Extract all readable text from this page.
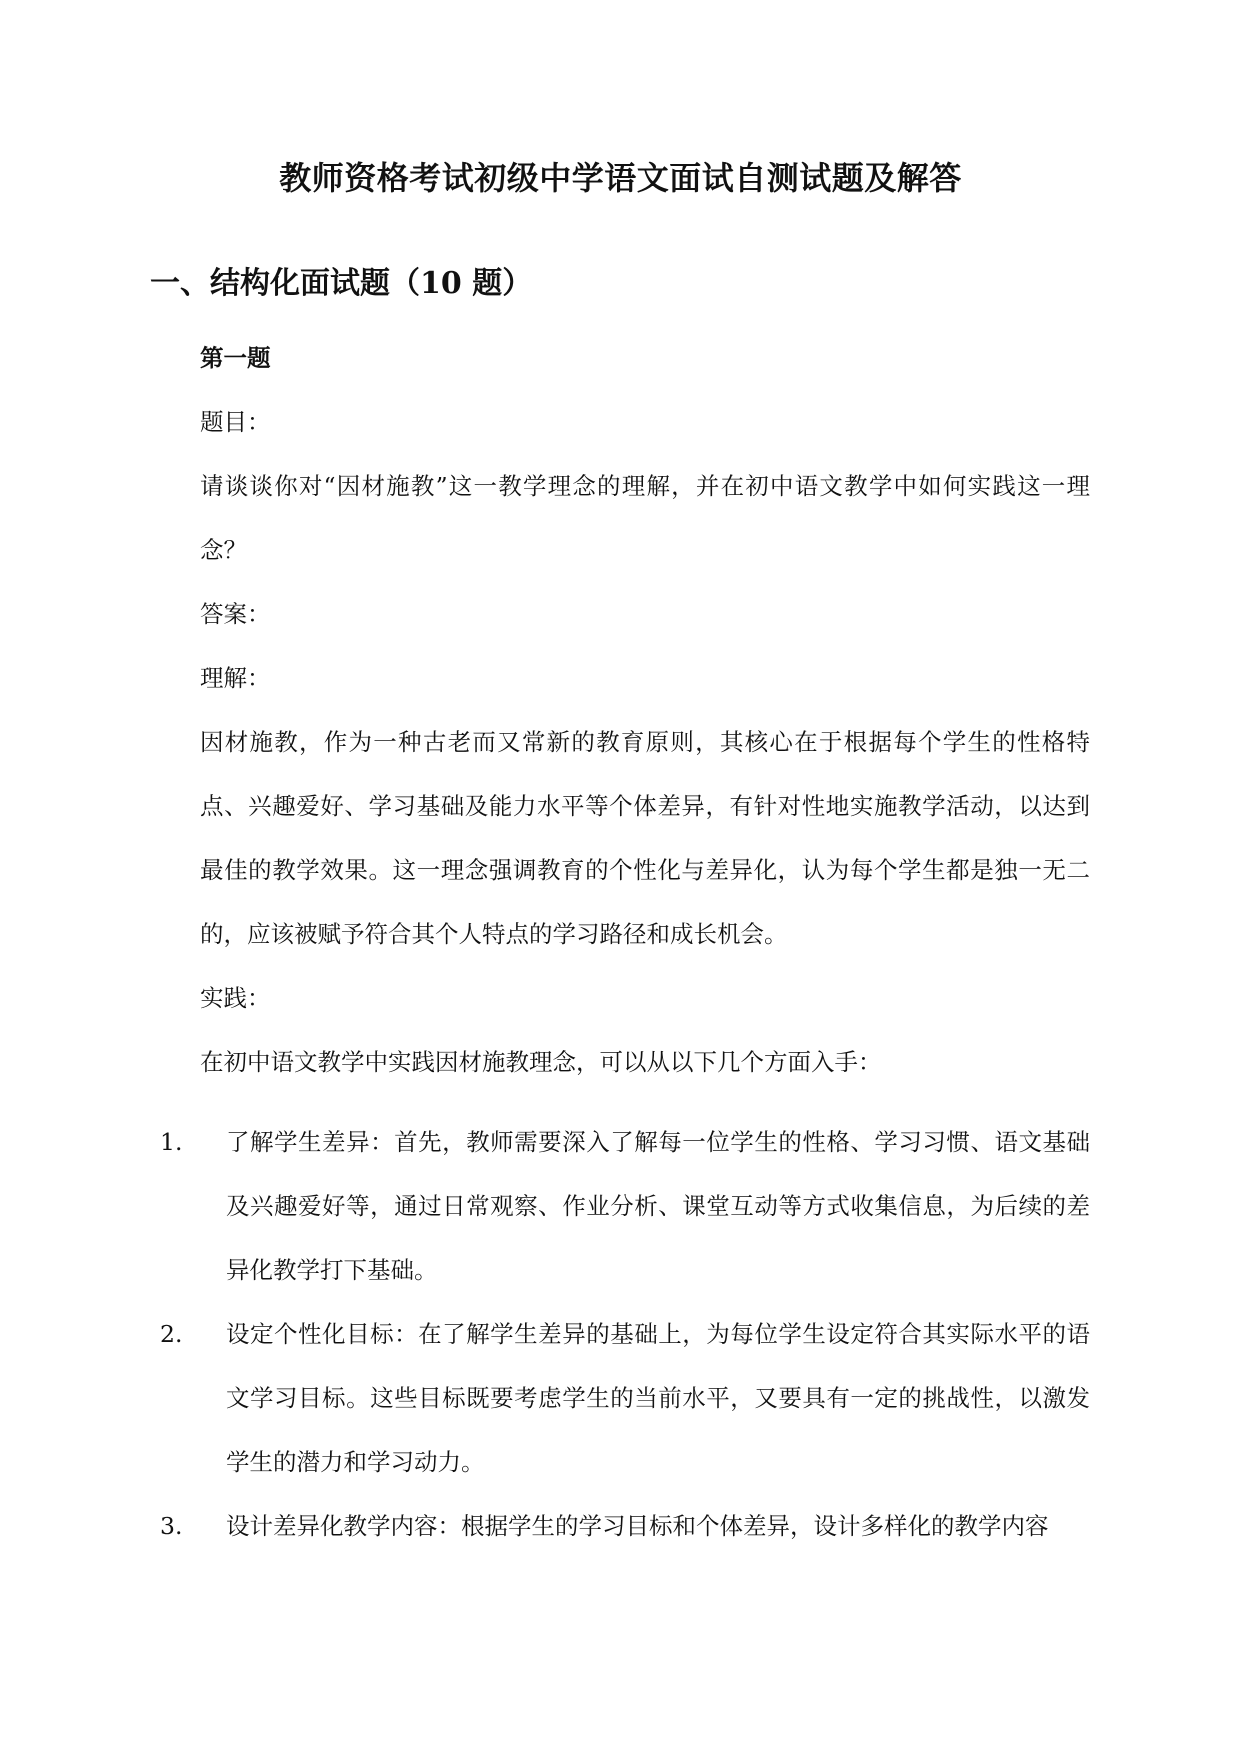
教师资格考试初级中学语文面试自测试题及解答
一、结构化面试题（10 题）
第一题
题目：
请谈谈你对“因材施教”这一教学理念的理解，并在初中语文教学中如何实践这一理念？
答案：
理解：
因材施教，作为一种古老而又常新的教育原则，其核心在于根据每个学生的性格特点、兴趣爱好、学习基础及能力水平等个体差异，有针对性地实施教学活动，以达到最佳的教学效果。这一理念强调教育的个性化与差异化，认为每个学生都是独一无二的，应该被赋予符合其个人特点的学习路径和成长机会。
实践：
在初中语文教学中实践因材施教理念，可以从以下几个方面入手：
1. 了解学生差异：首先，教师需要深入了解每一位学生的性格、学习习惯、语文基础及兴趣爱好等，通过日常观察、作业分析、课堂互动等方式收集信息，为后续的差异化教学打下基础。
2. 设定个性化目标：在了解学生差异的基础上，为每位学生设定符合其实际水平的语文学习目标。这些目标既要考虑学生的当前水平，又要具有一定的挑战性，以激发学生的潜力和学习动力。
3. 设计差异化教学内容：根据学生的学习目标和个体差异，设计多样化的教学内容
